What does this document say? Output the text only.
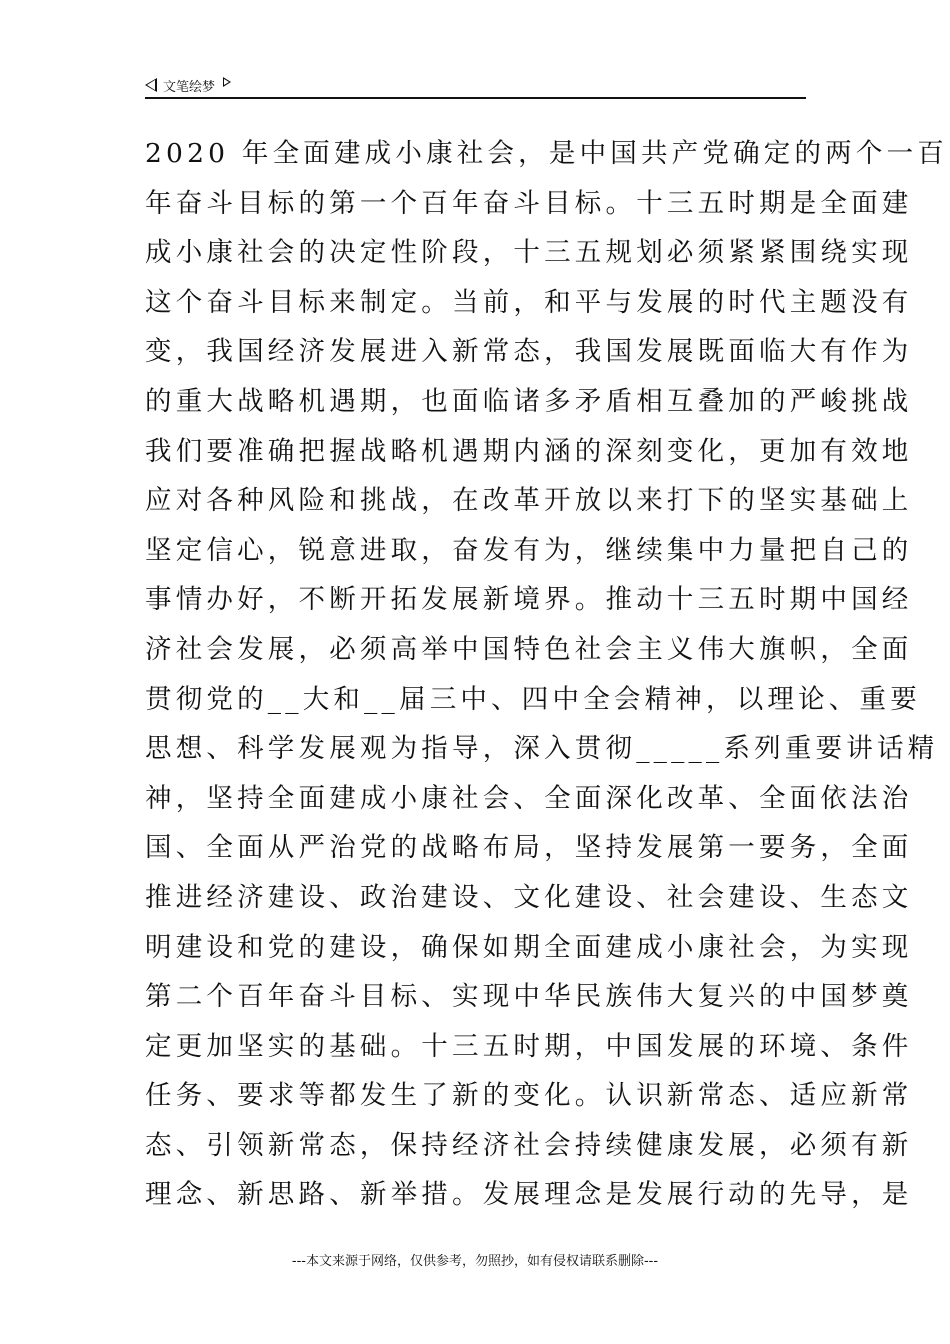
文笔绘梦
2020 年全面建成小康社会，是中国共产党确定的两个一百
年奋斗目标的第一个百年奋斗目标。十三五时期是全面建
成小康社会的决定性阶段，十三五规划必须紧紧围绕实现
这个奋斗目标来制定。当前，和平与发展的时代主题没有
变，我国经济发展进入新常态，我国发展既面临大有作为
的重大战略机遇期，也面临诸多矛盾相互叠加的严峻挑战
我们要准确把握战略机遇期内涵的深刻变化，更加有效地
应对各种风险和挑战，在改革开放以来打下的坚实基础上
坚定信心，锐意进取，奋发有为，继续集中力量把自己的
事情办好，不断开拓发展新境界。推动十三五时期中国经
济社会发展，必须高举中国特色社会主义伟大旗帜，全面
贯彻党的__大和__届三中、四中全会精神，以理论、重要
思想、科学发展观为指导，深入贯彻_____系列重要讲话精
神，坚持全面建成小康社会、全面深化改革、全面依法治
国、全面从严治党的战略布局，坚持发展第一要务，全面
推进经济建设、政治建设、文化建设、社会建设、生态文
明建设和党的建设，确保如期全面建成小康社会，为实现
第二个百年奋斗目标、实现中华民族伟大复兴的中国梦奠
定更加坚实的基础。十三五时期，中国发展的环境、条件
任务、要求等都发生了新的变化。认识新常态、适应新常
态、引领新常态，保持经济社会持续健康发展，必须有新
理念、新思路、新举措。发展理念是发展行动的先导，是
---本文来源于网络，仅供参考，勿照抄，如有侵权请联系删除---
